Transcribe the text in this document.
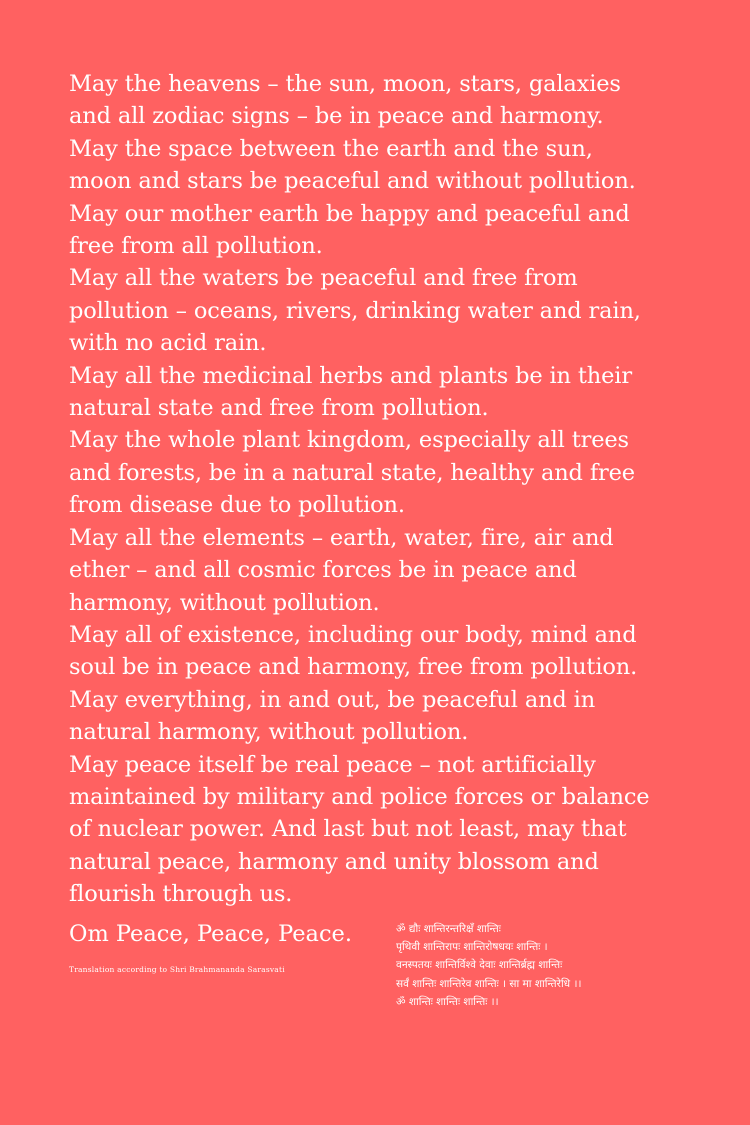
May the heavens – the sun, moon, stars, galaxies
and all zodiac signs – be in peace and harmony.
May the space between the earth and the sun,
moon and stars be peaceful and without pollution.
May our mother earth be happy and peaceful and
free from all pollution.
May all the waters be peaceful and free from
pollution – oceans, rivers, drinking water and rain,
with no acid rain.
May all the medicinal herbs and plants be in their
natural state and free from pollution.
May the whole plant kingdom, especially all trees
and forests, be in a natural state, healthy and free
from disease due to pollution.
May all the elements – earth, water, fire, air and
ether – and all cosmic forces be in peace and
harmony, without pollution.
May all of existence, including our body, mind and
soul be in peace and harmony, free from pollution.
May everything, in and out, be peaceful and in
natural harmony, without pollution.
May peace itself be real peace – not artificially
maintained by military and police forces or balance
of nuclear power. And last but not least, may that
natural peace, harmony and unity blossom and
flourish through us.
Om Peace, Peace, Peace.
Translation according to Shri Brahmananda Sarasvati
ॐ द्यौः शान्तिरन्तरिक्षँ शान्तिः
पृथिवी शान्तिरापः शान्तिरोषधयः शान्तिः ।
वनस्पतयः शान्तिर्विश्वे देवाः शान्तिर्ब्रह्म शान्तिः
सर्वं शान्तिः शान्तिरेव शान्तिः । सा मा शान्तिरेधि ।।
ॐ शान्तिः शान्तिः शान्तिः ।।
